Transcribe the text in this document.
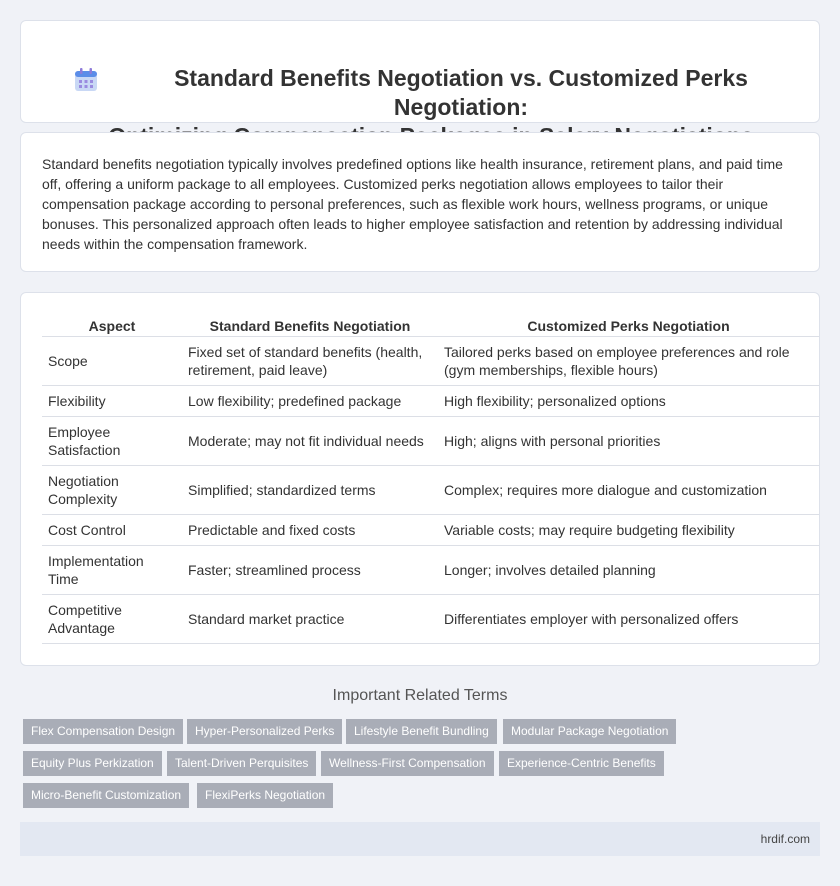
Standard Benefits Negotiation vs. Customized Perks Negotiation:

Standard benefits negotiation typically involves predefined options like health insurance, retirement plans, and paid time off, offering a uniform package to all employees. Customized perks negotiation allows employees to tailor their compensation package according to personal preferences, such as flexible work hours, wellness programs, or unique bonuses. This personalized approach often leads to higher employee satisfaction and retention by addressing individual needs within the compensation framework.

Aspect	Standard Benefits Negotiation	Customized Perks Negotiation
Scope	Fixed set of standard benefits (health, retirement, paid leave)	Tailored perks based on employee preferences and role (gym memberships, flexible hours)
Flexibility	Low flexibility; predefined package	High flexibility; personalized options
Employee Satisfaction	Moderate; may not fit individual needs	High; aligns with personal priorities
Negotiation Complexity	Simplified; standardized terms	Complex; requires more dialogue and customization
Cost Control	Predictable and fixed costs	Variable costs; may require budgeting flexibility
Implementation Time	Faster; streamlined process	Longer; involves detailed planning
Competitive Advantage	Standard market practice	Differentiates employer with personalized offers
Important Related Terms
Flex Compensation Design	Hyper-Personalized Perks	Lifestyle Benefit Bundling	Modular Package Negotiation
Equity Plus Perkization	Talent-Driven Perquisites	Wellness-First Compensation	Experience-Centric Benefits
Micro-Benefit Customization	FlexiPerks Negotiation
hrdif.com
